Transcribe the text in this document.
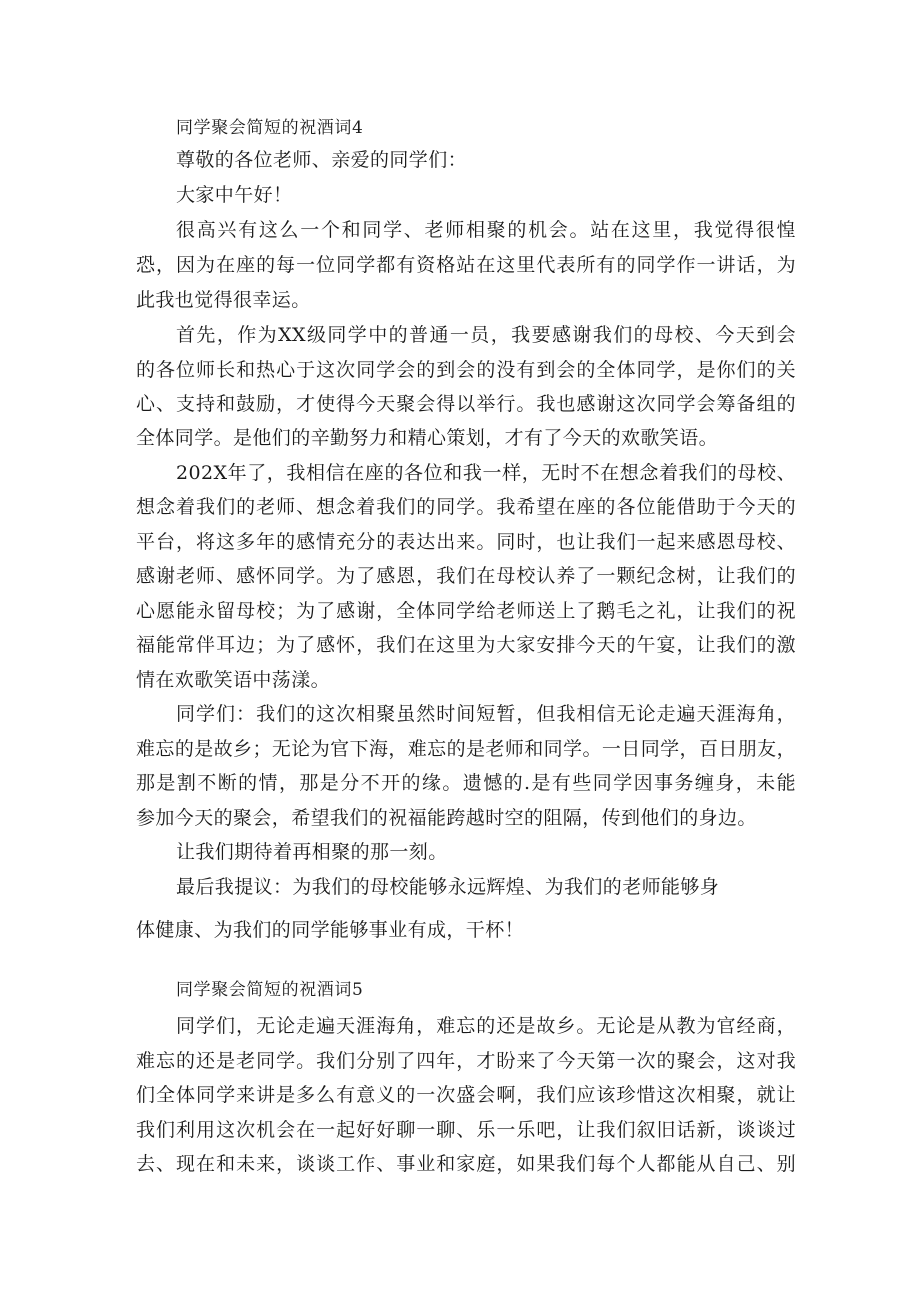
同学聚会简短的祝酒词4
尊敬的各位老师、亲爱的同学们：
大家中午好！
很高兴有这么一个和同学、老师相聚的机会。站在这里，我觉得很惶
恐，因为在座的每一位同学都有资格站在这里代表所有的同学作一讲话，为
此我也觉得很幸运。
首先，作为XX级同学中的普通一员，我要感谢我们的母校、今天到会
的各位师长和热心于这次同学会的到会的没有到会的全体同学，是你们的关
心、支持和鼓励，才使得今天聚会得以举行。我也感谢这次同学会筹备组的
全体同学。是他们的辛勤努力和精心策划，才有了今天的欢歌笑语。
202X年了，我相信在座的各位和我一样，无时不在想念着我们的母校、
想念着我们的老师、想念着我们的同学。我希望在座的各位能借助于今天的
平台，将这多年的感情充分的表达出来。同时，也让我们一起来感恩母校、
感谢老师、感怀同学。为了感恩，我们在母校认养了一颗纪念树，让我们的
心愿能永留母校；为了感谢，全体同学给老师送上了鹅毛之礼，让我们的祝
福能常伴耳边；为了感怀，我们在这里为大家安排今天的午宴，让我们的激
情在欢歌笑语中荡漾。
同学们：我们的这次相聚虽然时间短暂，但我相信无论走遍天涯海角，
难忘的是故乡；无论为官下海，难忘的是老师和同学。一日同学，百日朋友，
那是割不断的情，那是分不开的缘。遗憾的.是有些同学因事务缠身，未能
参加今天的聚会，希望我们的祝福能跨越时空的阻隔，传到他们的身边。
让我们期待着再相聚的那一刻。
最后我提议：为我们的母校能够永远辉煌、为我们的老师能够身
体健康、为我们的同学能够事业有成，干杯！
同学聚会简短的祝酒词5
同学们，无论走遍天涯海角，难忘的还是故乡。无论是从教为官经商，
难忘的还是老同学。我们分别了四年，才盼来了今天第一次的聚会，这对我
们全体同学来讲是多么有意义的一次盛会啊，我们应该珍惜这次相聚，就让
我们利用这次机会在一起好好聊一聊、乐一乐吧，让我们叙旧话新，谈谈过
去、现在和未来，谈谈工作、事业和家庭，如果我们每个人都能从自己、别
